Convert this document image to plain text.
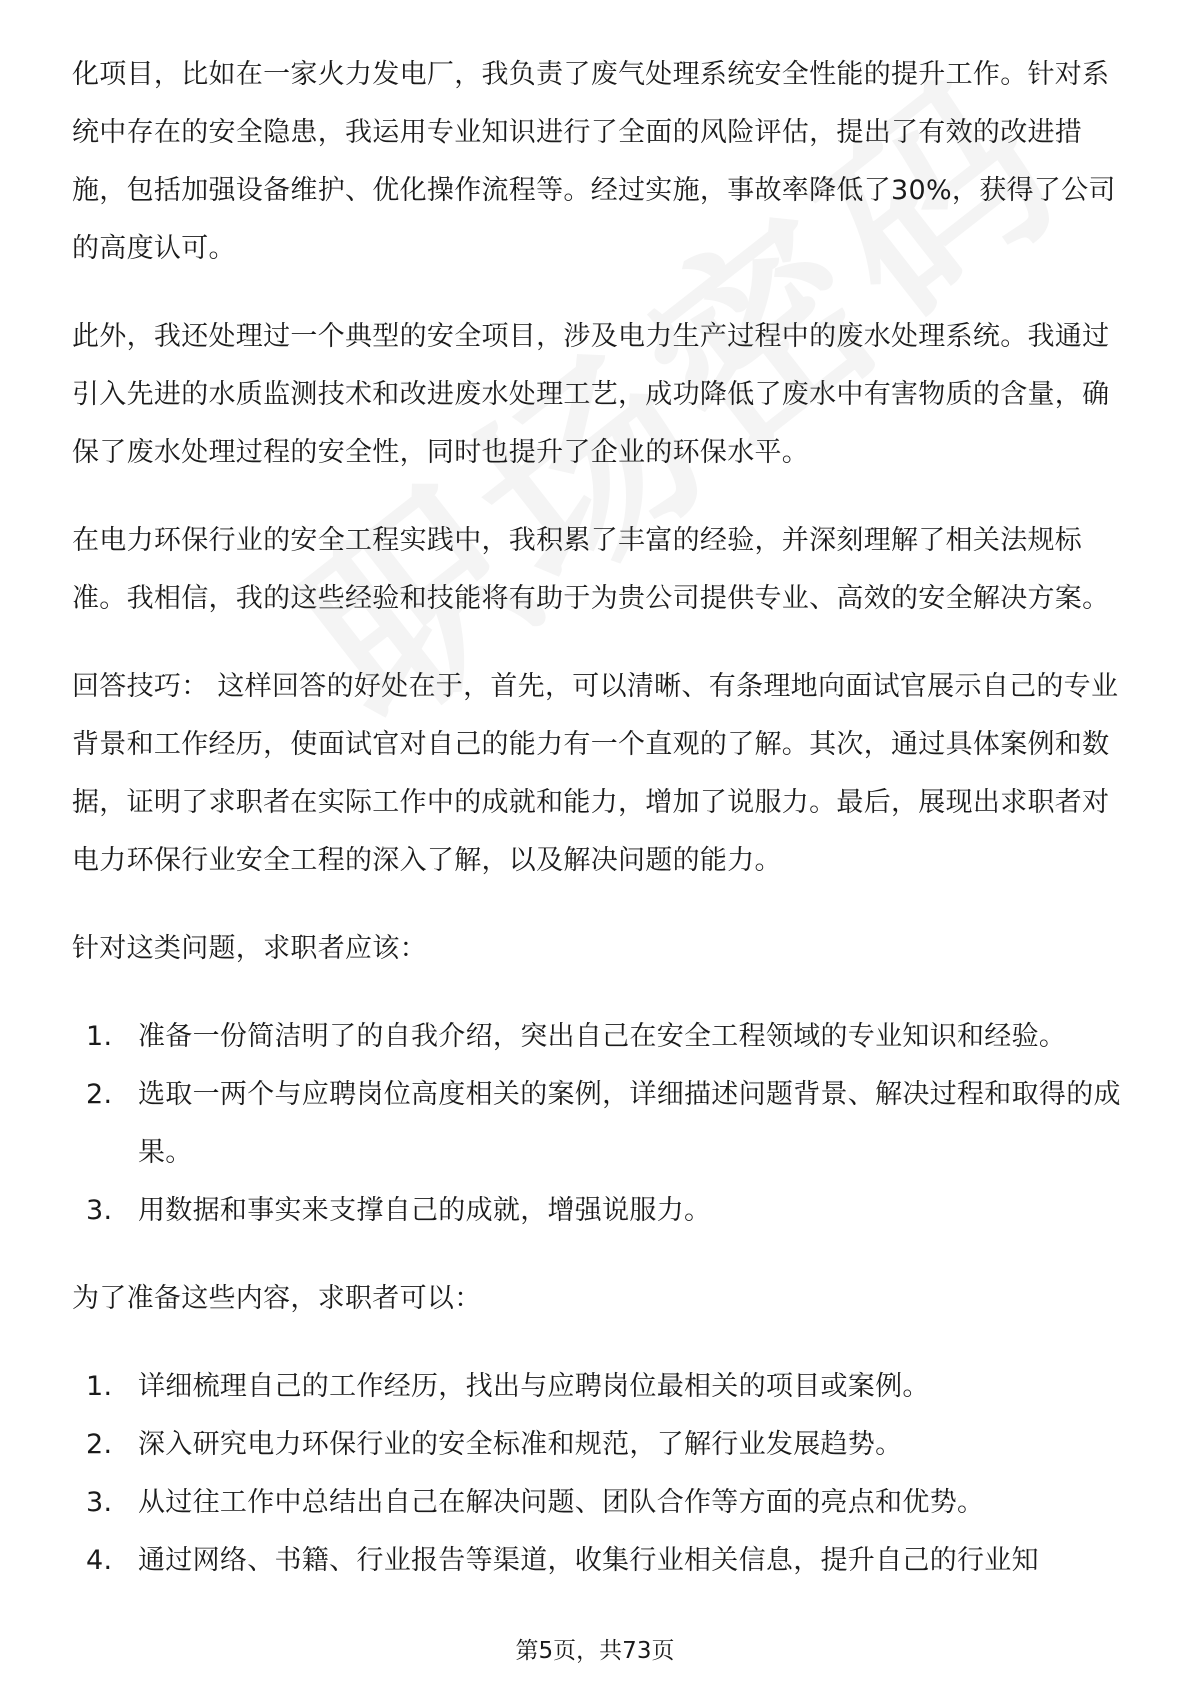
化项目，比如在一家火力发电厂，我负责了废气处理系统安全性能的提升工作。针对系统中存在的安全隐患，我运用专业知识进行了全面的风险评估，提出了有效的改进措施，包括加强设备维护、优化操作流程等。经过实施，事故率降低了30%，获得了公司的高度认可。

此外，我还处理过一个典型的安全项目，涉及电力生产过程中的废水处理系统。我通过引入先进的水质监测技术和改进废水处理工艺，成功降低了废水中有害物质的含量，确保了废水处理过程的安全性，同时也提升了企业的环保水平。

在电力环保行业的安全工程实践中，我积累了丰富的经验，并深刻理解了相关法规标准。我相信，我的这些经验和技能将有助于为贵公司提供专业、高效的安全解决方案。

回答技巧： 这样回答的好处在于，首先，可以清晰、有条理地向面试官展示自己的专业背景和工作经历，使面试官对自己的能力有一个直观的了解。其次，通过具体案例和数据，证明了求职者在实际工作中的成就和能力，增加了说服力。最后，展现出求职者对电力环保行业安全工程的深入了解，以及解决问题的能力。

针对这类问题，求职者应该：

1. 准备一份简洁明了的自我介绍，突出自己在安全工程领域的专业知识和经验。
2. 选取一两个与应聘岗位高度相关的案例，详细描述问题背景、解决过程和取得的成果。
3. 用数据和事实来支撑自己的成就，增强说服力。

为了准备这些内容，求职者可以：

1. 详细梳理自己的工作经历，找出与应聘岗位最相关的项目或案例。
2. 深入研究电力环保行业的安全标准和规范，了解行业发展趋势。
3. 从过往工作中总结出自己在解决问题、团队合作等方面的亮点和优势。
4. 通过网络、书籍、行业报告等渠道，收集行业相关信息，提升自己的行业知
第5页，共73页
